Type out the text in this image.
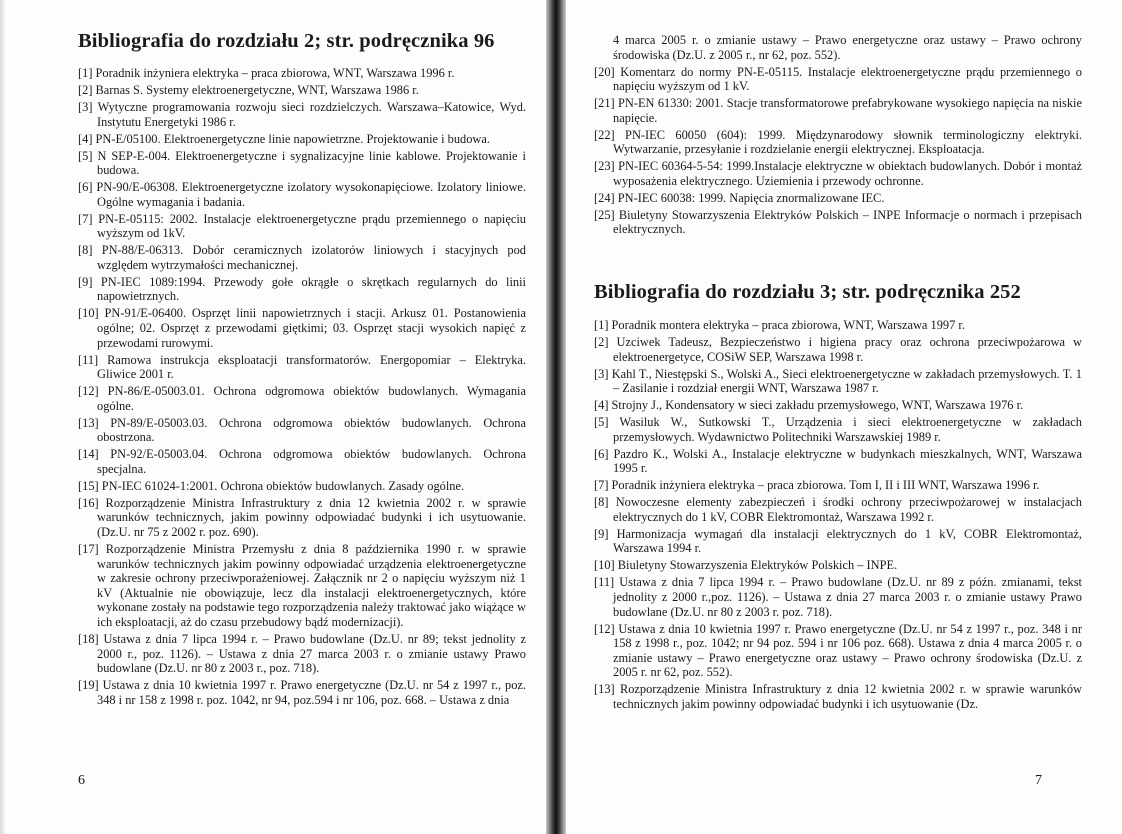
Bibliografia do rozdziału 2; str. podręcznika 96
[1] Poradnik inżyniera elektryka – praca zbiorowa, WNT, Warszawa 1996 r.
[2] Barnas S. Systemy elektroenergetyczne, WNT, Warszawa 1986 r.
[3] Wytyczne programowania rozwoju sieci rozdzielczych. Warszawa–Katowice, Wyd. Instytutu Energetyki 1986 r.
[4] PN-E/05100. Elektroenergetyczne linie napowietrzne. Projektowanie i budowa.
[5] N SEP-E-004. Elektroenergetyczne i sygnalizacyjne linie kablowe. Projektowanie i budowa.
[6] PN-90/E-06308. Elektroenergetyczne izolatory wysokonapięciowe. Izolatory liniowe. Ogólne wymagania i badania.
[7] PN-E-05115: 2002. Instalacje elektroenergetyczne prądu przemiennego o napięciu wyższym od 1kV.
[8] PN-88/E-06313. Dobór ceramicznych izolatorów liniowych i stacyjnych pod względem wytrzymałości mechanicznej.
[9] PN-IEC 1089:1994. Przewody gołe okrągłe o skrętkach regularnych do linii napowietrznych.
[10] PN-91/E-06400. Osprzęt linii napowietrznych i stacji. Arkusz 01. Postanowienia ogólne; 02. Osprzęt z przewodami giętkimi; 03. Osprzęt stacji wysokich napięć z przewodami rurowymi.
[11] Ramowa instrukcja eksploatacji transformatorów. Energopomiar – Elektryka. Gliwice 2001 r.
[12] PN-86/E-05003.01. Ochrona odgromowa obiektów budowlanych. Wymagania ogólne.
[13] PN-89/E-05003.03. Ochrona odgromowa obiektów budowlanych. Ochrona obostrzona.
[14] PN-92/E-05003.04. Ochrona odgromowa obiektów budowlanych. Ochrona specjalna.
[15] PN-IEC 61024-1:2001. Ochrona obiektów budowlanych. Zasady ogólne.
[16] Rozporządzenie Ministra Infrastruktury z dnia 12 kwietnia 2002 r. w sprawie warunków technicznych, jakim powinny odpowiadać budynki i ich usytuowanie. (Dz.U. nr 75 z 2002 r. poz. 690).
[17] Rozporządzenie Ministra Przemysłu z dnia 8 października 1990 r. w sprawie warunków technicznych jakim powinny odpowiadać urządzenia elektroenergetyczne w zakresie ochrony przeciwporażeniowej. Załącznik nr 2 o napięciu wyższym niż 1 kV (Aktualnie nie obowiązuje, lecz dla instalacji elektroenergetycznych, które wykonane zostały na podstawie tego rozporządzenia należy traktować jako wiążące w ich eksploatacji, aż do czasu przebudowy bądź modernizacji).
[18] Ustawa z dnia 7 lipca 1994 r. – Prawo budowlane (Dz.U. nr 89; tekst jednolity z 2000 r., poz. 1126). – Ustawa z dnia 27 marca 2003 r. o zmianie ustawy Prawo budowlane (Dz.U. nr 80 z 2003 r., poz. 718).
[19] Ustawa z dnia 10 kwietnia 1997 r. Prawo energetyczne (Dz.U. nr 54 z 1997 r., poz. 348 i nr 158 z 1998 r. poz. 1042, nr 94, poz.594 i nr 106, poz. 668. – Ustawa z dnia
6
4 marca 2005 r. o zmianie ustawy – Prawo energetyczne oraz ustawy – Prawo ochrony środowiska (Dz.U. z 2005 r., nr 62, poz. 552).
[20] Komentarz do normy PN-E-05115. Instalacje elektroenergetyczne prądu przemiennego o napięciu wyższym od 1 kV.
[21] PN-EN 61330: 2001. Stacje transformatorowe prefabrykowane wysokiego napięcia na niskie napięcie.
[22] PN-IEC 60050 (604): 1999. Międzynarodowy słownik terminologiczny elektryki. Wytwarzanie, przesyłanie i rozdzielanie energii elektrycznej. Eksploatacja.
[23] PN-IEC 60364-5-54: 1999.Instalacje elektryczne w obiektach budowlanych. Dobór i montaż wyposażenia elektrycznego. Uziemienia i przewody ochronne.
[24] PN-IEC 60038: 1999. Napięcia znormalizowane IEC.
[25] Biuletyny Stowarzyszenia Elektryków Polskich – INPE Informacje o normach i przepisach elektrycznych.
Bibliografia do rozdziału 3; str. podręcznika 252
[1] Poradnik montera elektryka – praca zbiorowa, WNT, Warszawa 1997 r.
[2] Uzciwek Tadeusz, Bezpieczeństwo i higiena pracy oraz ochrona przeciwpożarowa w elektroenergetyce, COSiW SEP, Warszawa 1998 r.
[3] Kahl T., Niestępski S., Wolski A., Sieci elektroenergetyczne w zakładach przemysłowych. T. 1 – Zasilanie i rozdział energii WNT, Warszawa 1987 r.
[4] Strojny J., Kondensatory w sieci zakładu przemysłowego, WNT, Warszawa 1976 r.
[5] Wasiluk W., Sutkowski T., Urządzenia i sieci elektroenergetyczne w zakładach przemysłowych. Wydawnictwo Politechniki Warszawskiej 1989 r.
[6] Pazdro K., Wolski A., Instalacje elektryczne w budynkach mieszkalnych, WNT, Warszawa 1995 r.
[7] Poradnik inżyniera elektryka – praca zbiorowa. Tom I, II i III WNT, Warszawa 1996 r.
[8] Nowoczesne elementy zabezpieczeń i środki ochrony przeciwpożarowej w instalacjach elektrycznych do 1 kV, COBR Elektromontaż, Warszawa 1992 r.
[9] Harmonizacja wymagań dla instalacji elektrycznych do 1 kV, COBR Elektromontaż, Warszawa 1994 r.
[10] Biuletyny Stowarzyszenia Elektryków Polskich – INPE.
[11] Ustawa z dnia 7 lipca 1994 r. – Prawo budowlane (Dz.U. nr 89 z późn. zmianami, tekst jednolity z 2000 r.,poz. 1126). – Ustawa z dnia 27 marca 2003 r. o zmianie ustawy Prawo budowlane (Dz.U. nr 80 z 2003 r. poz. 718).
[12] Ustawa z dnia 10 kwietnia 1997 r. Prawo energetyczne (Dz.U. nr 54 z 1997 r., poz. 348 i nr 158 z 1998 r., poz. 1042; nr 94 poz. 594 i nr 106 poz. 668). Ustawa z dnia 4 marca 2005 r. o zmianie ustawy – Prawo energetyczne oraz ustawy – Prawo ochrony środowiska (Dz.U. z 2005 r. nr 62, poz. 552).
[13] Rozporządzenie Ministra Infrastruktury z dnia 12 kwietnia 2002 r. w sprawie warunków technicznych jakim powinny odpowiadać budynki i ich usytuowanie (Dz.
7
